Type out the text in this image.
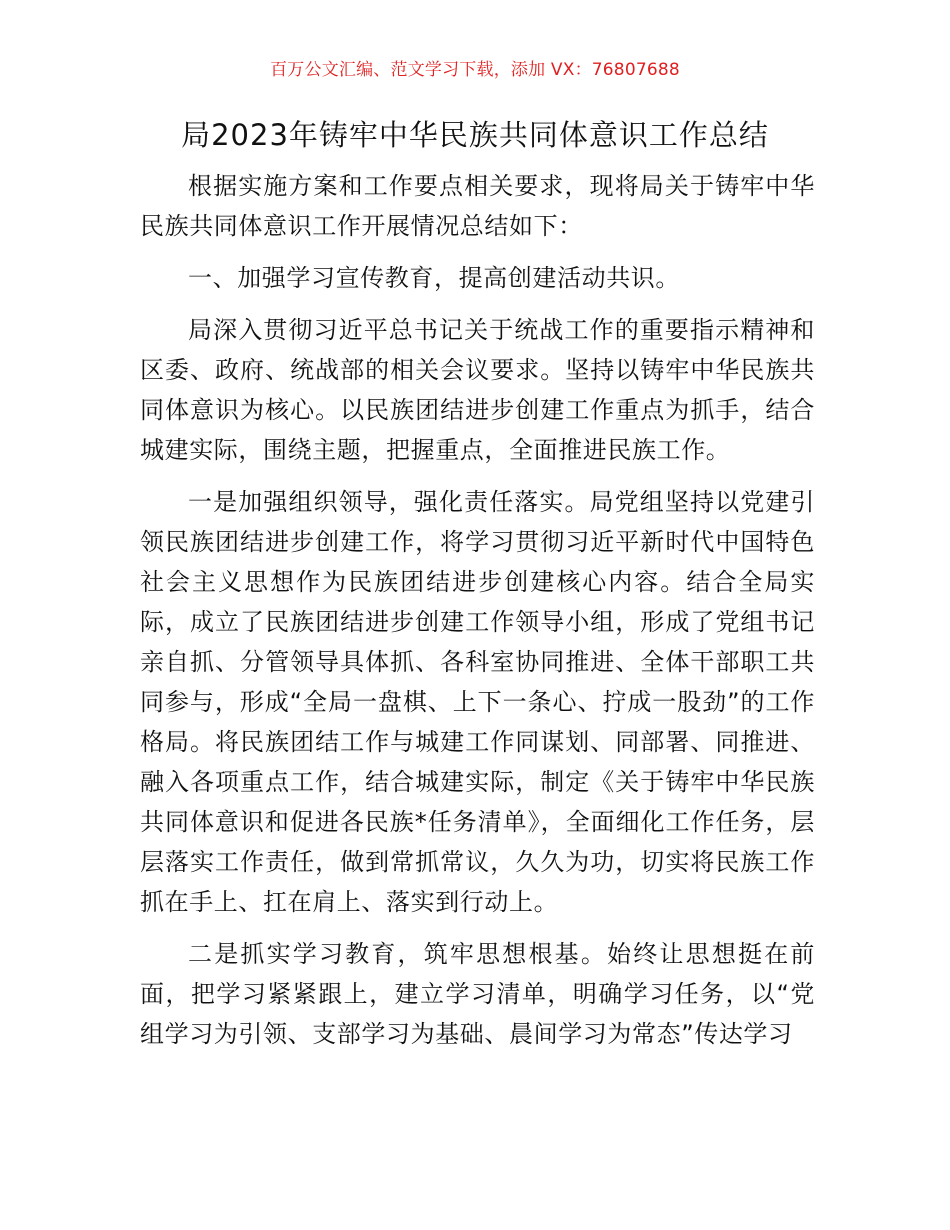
百万公文汇编、范文学习下载，添加 VX：76807688
局2023年铸牢中华民族共同体意识工作总结

根据实施方案和工作要点相关要求，现将局关于铸牢中华民族共同体意识工作开展情况总结如下：

一、加强学习宣传教育，提高创建活动共识。

局深入贯彻习近平总书记关于统战工作的重要指示精神和区委、政府、统战部的相关会议要求。坚持以铸牢中华民族共同体意识为核心。以民族团结进步创建工作重点为抓手，结合城建实际，围绕主题，把握重点，全面推进民族工作。

一是加强组织领导，强化责任落实。局党组坚持以党建引领民族团结进步创建工作，将学习贯彻习近平新时代中国特色社会主义思想作为民族团结进步创建核心内容。结合全局实际，成立了民族团结进步创建工作领导小组，形成了党组书记亲自抓、分管领导具体抓、各科室协同推进、全体干部职工共同参与，形成“全局一盘棋、上下一条心、拧成一股劲”的工作格局。将民族团结工作与城建工作同谋划、同部署、同推进、融入各项重点工作，结合城建实际，制定《关于铸牢中华民族共同体意识和促进各民族*任务清单》，全面细化工作任务，层层落实工作责任，做到常抓常议，久久为功，切实将民族工作抓在手上、扛在肩上、落实到行动上。

二是抓实学习教育，筑牢思想根基。始终让思想挺在前面，把学习紧紧跟上，建立学习清单，明确学习任务，以“党组学习为引领、支部学习为基础、晨间学习为常态”传达学习
